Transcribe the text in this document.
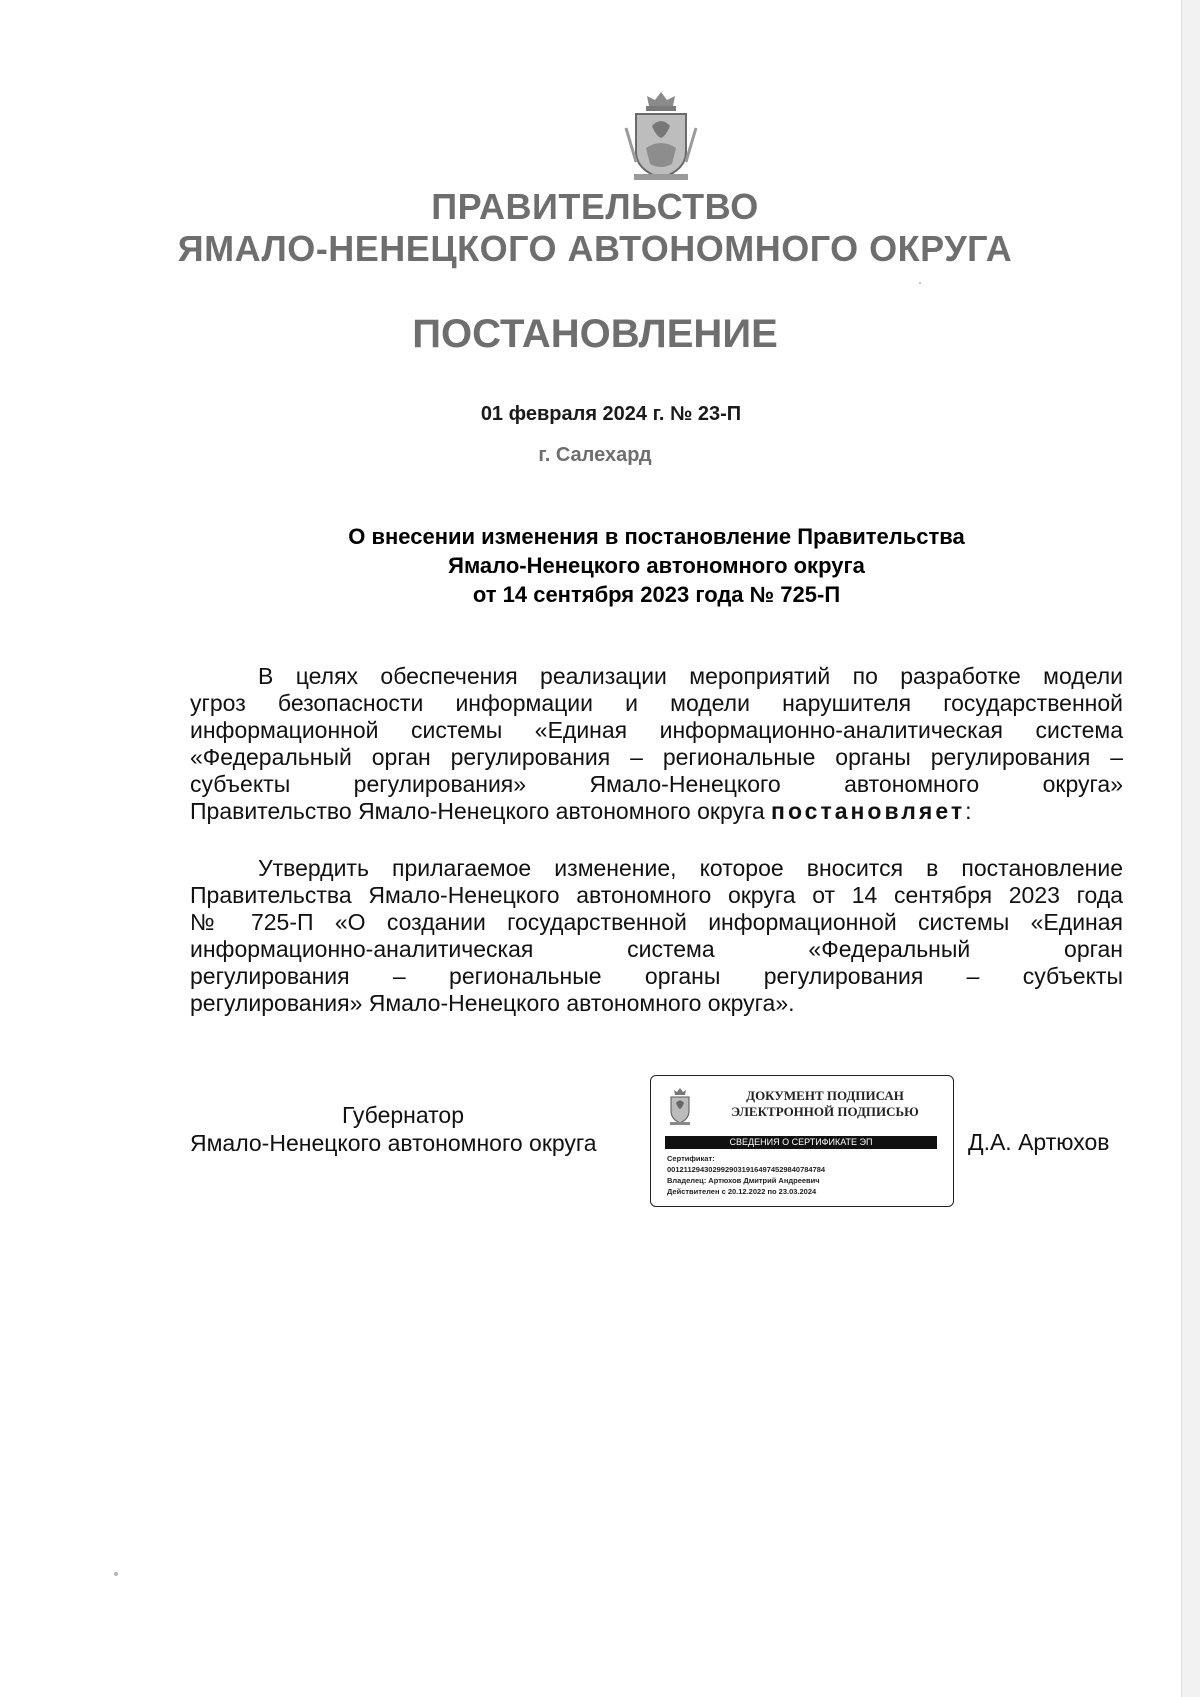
ПРАВИТЕЛЬСТВО
ЯМАЛО-НЕНЕЦКОГО АВТОНОМНОГО ОКРУГА
ПОСТАНОВЛЕНИЕ
01 февраля 2024 г. № 23-П
г. Салехард
О внесении изменения в постановление Правительства
Ямало-Ненецкого автономного округа
от 14 сентября 2023 года № 725-П
В целях обеспечения реализации мероприятий по разработке модели
угроз безопасности информации и модели нарушителя государственной
информационной системы «Единая информационно-аналитическая система
«Федеральный орган регулирования – региональные органы регулирования –
субъекты регулирования» Ямало-Ненецкого автономного округа»
Правительство Ямало-Ненецкого автономного округа постановляет:
Утвердить прилагаемое изменение, которое вносится в постановление
Правительства Ямало-Ненецкого автономного округа от 14 сентября 2023 года
№ 725-П «О создании государственной информационной системы «Единая
информационно-аналитическая система «Федеральный орган
регулирования – региональные органы регулирования – субъекты
регулирования» Ямало-Ненецкого автономного округа».
Губернатор
Ямало-Ненецкого автономного округа
ДОКУМЕНТ ПОДПИСАН
ЭЛЕКТРОННОЙ ПОДПИСЬЮ
СВЕДЕНИЯ О СЕРТИФИКАТЕ ЭП
Сертификат:
00121129430299290319164974529840784784
Владелец: Артюхов Дмитрий Андреевич
Действителен с 20.12.2022 по 23.03.2024
Д.А. Артюхов
